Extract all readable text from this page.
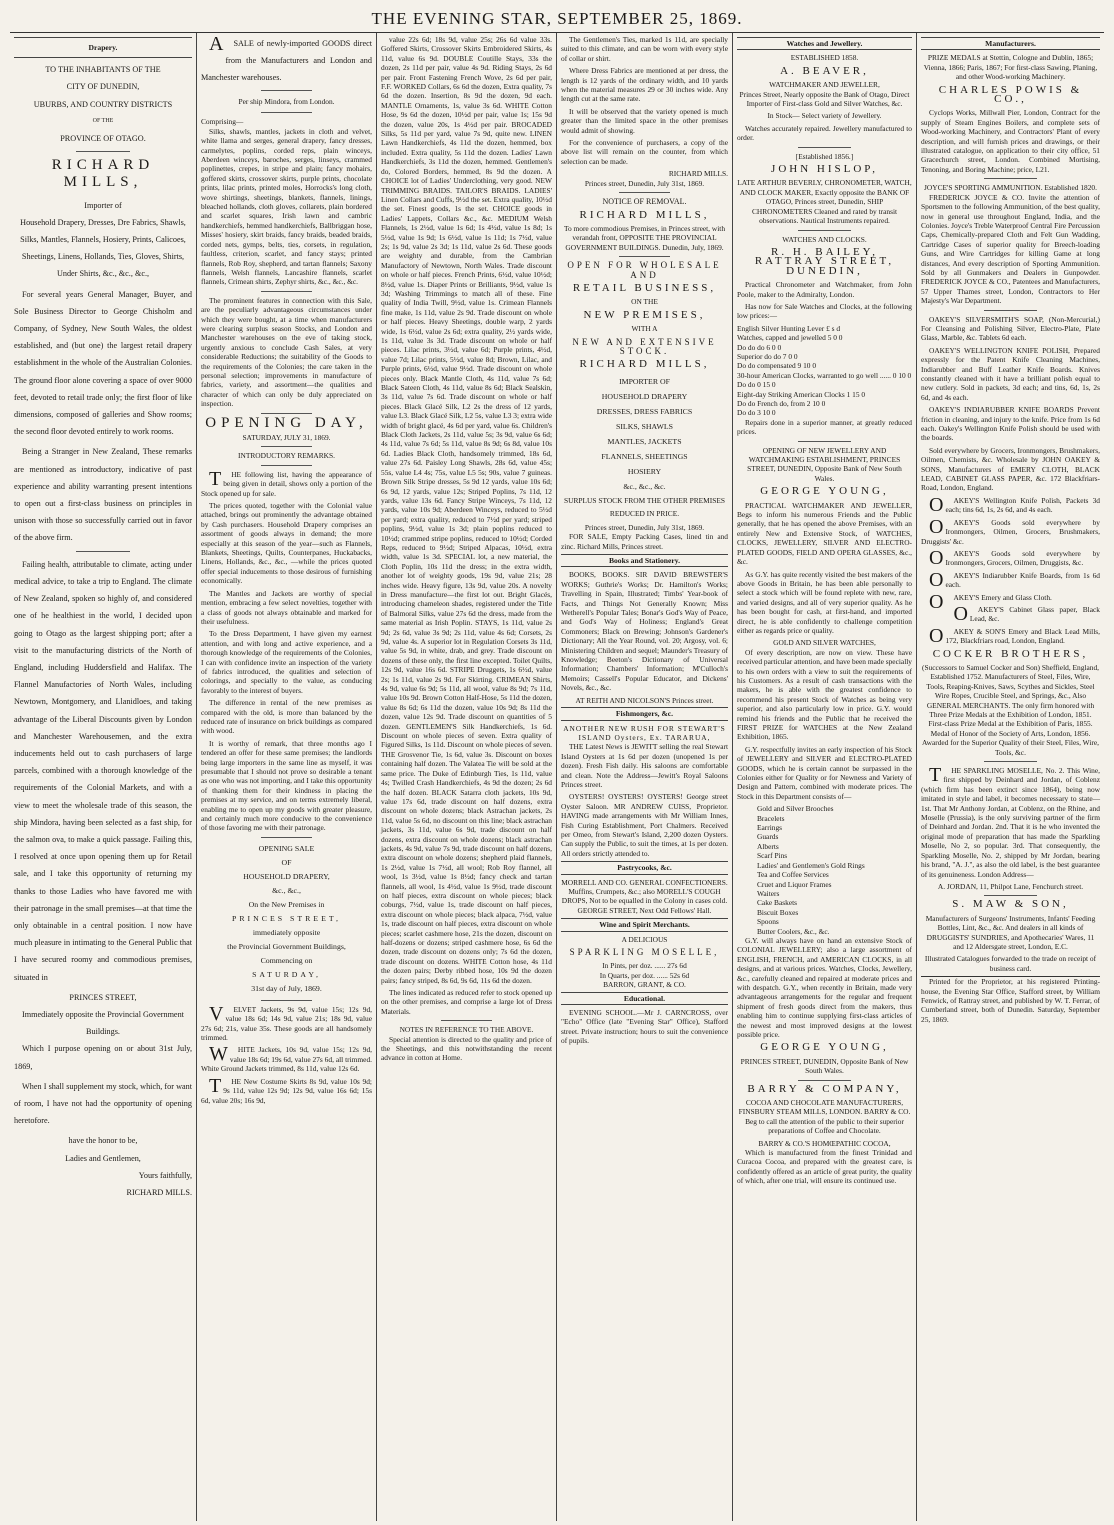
THE EVENING STAR, SEPTEMBER 25, 1869.
Drapery.
TO THE INHABITANTS OF THE
CITY OF DUNEDIN,
UBURBS, AND COUNTRY DISTRICTS
OF THE
PROVINCE OF OTAGO.
RICHARD MILLS,
Importer of

Household Drapery, Dresses, Dre Fabrics, Shawls, Silks, Mantles, Flannels, Hosiery, Prints, Calicoes, Sheetings, Linens, Hollands, Ties, Gloves, Shirts, Under Shirts, &c., &c., &c.,

For several years General Manager, Buyer, and Sole Business Director to George Chisholm and Company, of Sydney, New South Wales, the oldest established, and (but one) the largest retail drapery establishment in the whole of the Australian Colonies. The ground floor alone covering a space of over 9000 feet, devoted to retail trade only; the first floor of like dimensions, composed of galleries and Show rooms; the second floor devoted entirely to work rooms.

Being a Stranger in New Zealand, These remarks are mentioned as introductory, indicative of past experience and ability warranting present intentions to open out a first-class business on principles in unison with those so successfully carried out in favor of the above firm.

Failing health, attributable to climate, acting under medical advice, to take a trip to England. The climate of New Zealand, spoken so highly of, and considered one of he healthiest in the world, I decided upon going to Otago as the largest shipping port; after a visit to the manufacturing districts of the North of England, including Huddersfield and Halifax. The Flannel Manufactories of North Wales, including Newtown, Montgomery, and Llanidloes, and taking advantage of the Liberal Discounts given by London and Manchester Warehousemen, and the extra inducements held out to cash purchasers of large parcels, combined with a thorough knowledge of the requirements of the Colonial Markets, and with a view to meet the wholesale trade of this season, the ship Mindora, having been selected as a fast ship, for the salmon ova, to make a quick passage. Failing this, I resolved at once upon opening them up for Retail sale, and I take this opportunity of returning my thanks to those Ladies who have favored me with their patronage in the small premises—at that time the only obtainable in a central position. I now have much pleasure in intimating to the General Public that I have secured roomy and commodious premises, situated in

PRINCES STREET,
Immediately opposite the Provincial Government Buildings.

Which I purpose opening on or about 31st July, 1869,

When I shall supplement my stock, which, for want of room, I have not had the opportunity of opening heretofore.

have the honor to be,
Ladies and Gentlemen,
Yours faithfully,
RICHARD MILLS.

ASALE of newly-imported GOODS direct from the Manufacturers and London and Manchester warehouses.

Per ship Mindora, from London.
Comprising—

Silks, shawls, mantles, jackets in cloth and velvet, white llama and serges, general drapery, fancy dresses, carmelytes, poplins, corded reps, plain winceys, Aberdeen winceys, baroches, serges, linseys, crammed poplinettes, crepes, in stripe and plain; fancy mohairs, goffered skirts, crossover skirts, purple prints, chocolate prints, lilac prints, printed moles, Horrocks's long cloth, wove shirtings, sheetings, blankets, flannels, linings, bleached hollands, cloth gloves, collarets, plain bordered and scarlet squares, Irish lawn and cambric handkerchiefs, hemmed handkerchiefs, Ballbriggan hose, Misses' hosiery, skirt braids, fancy braids, beaded braids, corded nets, gymps, belts, ties, corsets, in regulation, faultless, criterion, scarlet, and fancy stays; printed flannels, Rob Roy, shepherd, and tartan flannels; Saxony flannels, Welsh flannels, Lancashire flannels, scarlet flannels, Crimean shirts, Zephyr shirts, &c., &c., &c.

The prominent features in connection with this Sale, are the peculiarly advantageous circumstances under which they were bought, at a time when manufacturers were clearing surplus season Stocks, and London and Manchester warehouses on the eve of taking stock, urgently anxious to conclude Cash Sales, at very considerable Reductions; the suitability of the Goods to the requirements of the Colonies; the care taken in the personal selection; improvements in manufacture of fabrics, variety, and assortment—the qualities and character of which can only be duly appreciated on inspection.

OPENING DAY,
SATURDAY, JULY 31, 1869.
INTRODUCTORY REMARKS.

THE following list, having the appearance of being given in detail, shows only a portion of the Stock opened up for sale.

The prices quoted, together with the Colonial value attached, brings out prominently the advantage obtained by Cash purchasers. Household Drapery comprises an assortment of goods always in demand; the more especially at this season of the year—such as Flannels, Blankets, Sheetings, Quilts, Counterpanes, Huckabacks, Linens, Hollands, &c., &c., —while the prices quoted offer special inducements to those desirous of furnishing economically.

The Mantles and Jackets are worthy of special mention, embracing a few select novelties, together with a class of goods not always obtainable and marked for their usefulness.

To the Dress Department, I have given my earnest attention, and with long and active experience, and a thorough knowledge of the requirements of the Colonies, I can with confidence invite an inspection of the variety of fabrics introduced, the qualities and selection of colorings, and specially to the value, as conducing favorably to the interest of buyers.

The difference in rental of the new premises as compared with the old, is more than balanced by the reduced rate of insurance on brick buildings as compared with wood.

It is worthy of remark, that three months ago I tendered an offer for these same premises; the landlords being large importers in the same line as myself, it was presumable that I should not prove so desirable a tenant as one who was not importing, and I take this opportunity of thanking them for their kindness in placing the premises at my service, and on terms extremely liberal, enabling me to open up my goods with greater pleasure, and certainly much more conducive to the convenience of those favoring me with their patronage.

OPENING SALE
OF
HOUSEHOLD DRAPERY,
&c., &c.,
On the New Premises in
PRINCES STREET,
immediately opposite
the Provincial Government Buildings,
Commencing on
SATURDAY,
31st day of July, 1869.

VELVET Jackets, 9s 9d, value 15s; 12s 9d, value 18s 6d; 14s 9d, value 21s; 18s 9d, value 27s 6d; 21s, value 35s. These goods are all handsomely trimmed.

WHITE Jackets, 10s 9d, value 15s; 12s 9d, value 18s 6d; 19s 6d, value 27s 6d, all trimmed. White Ground Jackets trimmed, 8s 11d, value 12s 6d.

THE New Costume Skirts 8s 9d, value 10s 9d; 9s 11d, value 12s 9d; 12s 9d, value 16s 6d; 15s 6d, value 20s; 16s 9d,

value 22s 6d; 18s 9d, value 25s; 26s 6d value 33s. Goffered Skirts, Crossover Skirts Embroidered Skirts, 4s 11d, value 6s 9d. DOUBLE Coutille Stays, 33s the dozen, 2s 11d per pair, value 4s 9d. Riding Stays, 2s 6d per pair. Front Fastening French Wove, 2s 6d per pair, F.F. WORKED Collars, 6s 6d the dozen, Extra quality, 7s 6d the dozen. Insertion, 8s 9d the dozen, 9d each. MANTLE Ornaments, 1s, value 3s 6d. WHITE Cotton Hose, 9s 6d the dozen, 10½d per pair, value 1s; 15s 9d the dozen, value 20s, 1s 4½d per pair. BROCADED Silks, 5s 11d per yard, value 7s 9d, quite new. LINEN Lawn Handkerchiefs, 4s 11d the dozen, hemmed, box included. Extra quality, 5s 11d the dozen. Ladies' Lawn Handkerchiefs, 3s 11d the dozen, hemmed. Gentlemen's do, Colored Borders, hemmed, 8s 9d the dozen. A CHOICE lot of Ladies' Underclothing, very good. NEW TRIMMING BRAIDS. TAILOR'S BRAIDS. LADIES' Linen Collars and Cuffs, 9½d the set. Extra quality, 10½d the set. Finest goods, 1s the set. CHOICE goods in Ladies' Lappets, Collars &c., &c. MEDIUM Welsh Flannels, 1s 2½d, value 1s 6d; 1s 4½d, value 1s 8d; 1s 5½d, value 1s 9d; 1s 6½d, value 1s 11d; 1s 7½d, value 2s; 1s 9d, value 2s 3d; 1s 11d, value 2s 6d. These goods are weighty and durable, from the Cambrian Manufactory of Newtown, North Wales. Trade discount on whole or half pieces. French Prints, 6½d, value 10½d; 8½d, value 1s. Diaper Prints or Brilliants, 9½d, value 1s 3d; Washing Trimmings to match all of these. Fine quality of India Twill, 9½d, value 1s. Crimean Flannels fine make, 1s 11d, value 2s 9d. Trade discount on whole or half pieces. Heavy Sheetings, double warp, 2 yards wide, 1s 6½d, value 2s 6d; extra quality, 2½ yards wide, 1s 11d, value 3s 3d. Trade discount on whole or half pieces. Lilac prints, 3½d, value 6d; Purple prints, 4½d, value 7d; Lilac prints, 5½d, value 8d; Brown, Lilac, and Purple prints, 6½d, value 9½d. Trade discount on whole pieces only. Black Mantle Cloth, 4s 11d, value 7s 6d; Black Sateen Cloth, 4s 11d, value 8s 6d; Black Sealskin, 3s 11d, value 7s 6d. Trade discount on whole or half pieces. Black Glacé Silk, L2 2s the dress of 12 yards, value L3. Black Glacé Silk, L2 5s, value L3 3; extra wide width of bright glacé, 4s 6d per yard, value 6s. Children's Black Cloth Jackets, 2s 11d, value 5s; 3s 9d, value 6s 6d; 4s 11d, value 7s 6d; 5s 11d, value 8s 9d; 6s 8d, value 10s 6d. Ladies Black Cloth, handsomely trimmed, 18s 6d, value 27s 6d. Paisley Long Shawls, 28s 6d, value 45s; 55s, value L4 4s; 75s, value L5 5s; 90s, value 7 guineas. Brown Silk Stripe dresses, 5s 9d 12 yards, value 10s 6d; 6s 9d, 12 yards, value 12s; Striped Poplins, 7s 11d, 12 yards, value 13s 6d. Fancy Stripe Winceys, 7s 11d, 12 yards, value 10s 9d; Aberdeen Winceys, reduced to 5½d per yard; extra quality, reduced to 7½d per yard; striped poplins, 9½d, value 1s 3d; plain poplins reduced to 10½d; crammed stripe poplins, reduced to 10½d; Corded Reps, reduced to 9½d; Striped Alpacas, 10½d, extra width, value 1s 3d. SPECIAL lot, a new material, the Cloth Poplin, 10s 11d the dress; in the extra width, another lot of weighty goods, 19s 9d, value 21s; 28 inches wide. Heavy figure, 13s 9d, value 20s. A novelty in Dress manufacture—the first lot out. Bright Glacés, introducing chameleon shades, registered under the Title of Balmoral Silks, value 27s 6d the dress, made from the same material as Irish Poplin. STAYS, 1s 11d, value 2s 9d; 2s 6d, value 3s 9d; 2s 11d, value 4s 6d; Corsets, 2s 9d, value 4s. A superior lot in Regulation Corsets 3s 11d, value 5s 9d, in white, drab, and grey. Trade discount on dozens of these only, the first line excepted. Toilet Quilts, 12s 9d, value 16s 6d. STRIPE Druggets, 1s 6½d, value 2s; 1s 11d, value 2s 9d. For Skirting. CRIMEAN Shirts, 4s 9d, value 6s 9d; 5s 11d, all wool, value 8s 9d; 7s 11d, value 10s 9d. Brown Cotton Half-Hose, 5s 11d the dozen, value 8s 6d; 6s 11d the dozen, value 10s 9d; 8s 11d the dozen, value 12s 9d. Trade discount on quantities of 5 dozen. GENTLEMEN'S Silk Handkerchiefs, 1s 6d. Discount on whole pieces of seven. Extra quality of Figured Silks, 1s 11d. Discount on whole pieces of seven. THE Grosvenor Tie, 1s 6d, value 3s. Discount on boxes containing half dozen. The Valatea Tie will be sold at the same price. The Duke of Edinburgh Ties, 1s 11d, value 4s; Twilled Crash Handkerchiefs, 4s 9d the dozen; 2s 6d the half dozen. BLACK Satarra cloth jackets, 10s 9d, value 17s 6d, trade discount on half dozens, extra discount on whole dozens; black Astrachan jackets, 2s 11d, value 5s 6d, no discount on this line; black astrachan jackets, 3s 11d, value 6s 9d, trade discount on half dozens, extra discount on whole dozens; black astrachan jackets, 4s 9d, value 7s 9d, trade discount on half dozens, extra discount on whole dozens; shepherd plaid flannels, 1s 2½d, value 1s 7½d, all wool; Rob Roy flannel, all wool, 1s 3½d, value 1s 8½d; fancy check and tartan flannels, all wool, 1s 4½d, value 1s 9½d, trade discount on half pieces, extra discount on whole pieces; black coburgs, 7½d, value 1s, trade discount on half pieces, extra discount on whole pieces; black alpaca, 7½d, value 1s, trade discount on half pieces, extra discount on whole pieces; scarlet cashmere hose, 21s the dozen, discount on half-dozens or dozens; striped cashmere hose, 6s 6d the dozen, trade discount on dozens only; 7s 6d the dozen, trade discount on dozens. WHITE Cotton hose, 4s 11d the dozen pairs; Derby ribbed hose, 10s 9d the dozen pairs; fancy striped, 8s 6d, 9s 6d, 11s 6d the dozen.

The lines indicated as reduced refer to stock opened up on the other premises, and comprise a large lot of Dress Materials.

NOTES IN REFERENCE TO THE ABOVE.

Special attention is directed to the quality and price of the Sheetings, and this notwithstanding the recent advance in cotton at Home.

The Gentlemen's Ties, marked 1s 11d, are specially suited to this climate, and can be worn with every style of collar or shirt.

Where Dress Fabrics are mentioned at per dress, the length is 12 yards of the ordinary width, and 10 yards when the material measures 29 or 30 inches wide. Any length cut at the same rate.

It will be observed that the variety opened is much greater than the limited space in the other premises would admit of showing.

For the convenience of purchasers, a copy of the above list will remain on the counter, from which selection can be made.

RICHARD MILLS.
Princes street, Dunedin, July 31st, 1869.
NOTICE OF REMOVAL.
RICHARD MILLS,

To more commodious Premises, in Princes street, with verandah front, OPPOSITE THE PROVINCIAL GOVERNMENT BUILDINGS. Dunedin, July, 1869.

OPEN FOR WHOLESALE AND
RETAIL BUSINESS,
ON THE
NEW PREMISES,
WITH A
NEW AND EXTENSIVE STOCK.
RICHARD MILLS,
IMPORTER OF
HOUSEHOLD DRAPERY
DRESSES, DRESS FABRICS
SILKS, SHAWLS
MANTLES, JACKETS
FLANNELS, SHEETINGS
HOSIERY
&c., &c., &c.

SURPLUS STOCK FROM THE OTHER PREMISES REDUCED IN PRICE.

Princes street, Dunedin, July 31st, 1869.

FOR SALE, Empty Packing Cases, lined tin and zinc. Richard Mills, Princes street.

Books and Stationery.

BOOKS, BOOKS. SIR DAVID BREWSTER'S WORKS; Guthrie's Works; Dr. Hamilton's Works; Travelling in Spain, Illustrated; Timbs' Year-book of Facts, and Things Not Generally Known; Miss Wetherell's Popular Tales; Bonar's God's Way of Peace, and God's Way of Holiness; England's Great Commoners; Black on Brewing; Johnson's Gardener's Dictionary; All the Year Round, vol. 20; Argosy, vol. 6; Ministering Children and sequel; Maunder's Treasury of Knowledge; Beeton's Dictionary of Universal Information; Chambers' Information; M'Culloch's Memoirs; Cassell's Popular Educator, and Dickens' Novels, &c., &c.

AT REITH AND NICOLSON'S Princes street.
Fishmongers, &c.
ANOTHER NEW RUSH FOR STEWART'S ISLAND Oysters, Ex. TARARUA,

THE Latest News is JEWITT selling the real Stewart Island Oysters at 1s 6d per dozen (unopened 1s per dozen). Fresh Fish daily. His saloons are comfortable and clean. Note the Address—Jewitt's Royal Saloons Princes street.

OYSTERS! OYSTERS! OYSTERS! George street Oyster Saloon. MR ANDREW CUISS, Proprietor. HAVING made arrangements with Mr William Innes, Fish Curing Establishment, Port Chalmers. Received per Omeo, from Stewart's Island, 2,200 dozen Oysters. Can supply the Public, to suit the times, at 1s per dozen. All orders strictly attended to.

Pastrycooks, &c.

MORRELL AND CO. GENERAL CONFECTIONERS. Muffins, Crumpets, &c.; also MORELL'S COUGH DROPS, Not to be equalled in the Colony in cases cold. GEORGE STREET, Next Odd Fellows' Hall.

Wine and Spirit Merchants.
A DELICIOUS
SPARKLING MOSELLE,
In Pints, per doz. ...... 27s 6d
In Quarts, per doz. ...... 52s 6d
BARRON, GRANT, & CO.
Educational.

EVENING SCHOOL.—Mr J. CARNCROSS, over "Echo" Office (late "Evening Star" Office), Stafford street. Private instruction; hours to suit the convenience of pupils.

Watches and Jewellery.
ESTABLISHED 1858.
A. BEAVER,
WATCHMAKER AND JEWELLER,

Princes Street, Nearly opposite the Bank of Otago, Direct Importer of First-class Gold and Silver Watches, &c.

In Stock— Select variety of Jewellery.

Watches accurately repaired. Jewellery manufactured to order.

[Established 1856.]
JOHN HISLOP,

LATE ARTHUR BEVERLY, CHRONOMETER, WATCH, AND CLOCK MAKER, Exactly opposite the BANK OF OTAGO, Princes street, Dunedin, SHIP CHRONOMETERS Cleaned and rated by transit observations. Nautical Instruments repaired.

WATCHES AND CLOCKS.
R. H. BAILEY, RATTRAY STREET, DUNEDIN,

Practical Chronometer and Watchmaker, from John Poole, maker to the Admiralty, London.

Has now for Sale Watches and Clocks, at the following low prices:—

English Silver Hunting Lever £ s d
Watches, capped and jewelled 5 0 0
Do do do 6 0 0
Superior do do 7 0 0
Do do compensated 9 10 0
30-hour American Clocks, warranted to go well ...... 0 10 0
Do do 0 15 0
Eight-day Striking American Clocks 1 15 0
Do do French do, from 2 10 0
Do do 3 10 0

Repairs done in a superior manner, at greatly reduced prices.

OPENING OF NEW JEWELLERY AND WATCHMAKING ESTABLISHMENT, PRINCES STREET, DUNEDIN, Opposite Bank of New South Wales.

GEORGE YOUNG,

PRACTICAL WATCHMAKER AND JEWELLER, Begs to inform his numerous Friends and the Public generally, that he has opened the above Premises, with an entirely New and Extensive Stock, of WATCHES, CLOCKS, JEWELLERY, SILVER AND ELECTRO-PLATED GOODS, FIELD AND OPERA GLASSES, &c., &c.

As G.Y. has quite recently visited the best makers of the above Goods in Britain, he has been able personally to select a stock which will be found replete with new, rare, and varied designs, and all of very superior quality. As he has been bought for cash, at first-hand, and imported direct, he is able confidently to challenge competition either as regards price or quality.

GOLD AND SILVER WATCHES,

Of every description, are now on view. These have received particular attention, and have been made specially to his own orders with a view to suit the requirements of his Customers. As a result of cash transactions with the makers, he is able with the greatest confidence to recommend his present Stock of Watches as being very superior, and also particularly low in price. G.Y. would remind his friends and the Public that he received the FIRST PRIZE for WATCHES at the New Zealand Exhibition, 1865.

G.Y. respectfully invites an early inspection of his Stock of JEWELLERY and SILVER and ELECTRO-PLATED GOODS, which he is certain cannot be surpassed in the Colonies either for Quality or for Newness and Variety of Design and Pattern, combined with moderate prices. The Stock in this Department consists of—

Gold and Silver Brooches
Bracelets
Earrings
Guards
Alberts
Scarf Pins
Ladies' and Gentlemen's Gold Rings
Tea and Coffee Services
Cruet and Liquor Frames
Waiters
Cake Baskets
Biscuit Boxes
Spoons
Butter Coolers, &c., &c.

G.Y. will always have on hand an extensive Stock of COLONIAL JEWELLERY; also a large assortment of ENGLISH, FRENCH, and AMERICAN CLOCKS, in all designs, and at various prices. Watches, Clocks, Jewellery, &c., carefully cleaned and repaired at moderate prices and with despatch. G.Y., when recently in Britain, made very advantageous arrangements for the regular and frequent shipment of fresh goods direct from the makers, thus enabling him to continue supplying first-class articles of the newest and most improved designs at the lowest possible price.

GEORGE YOUNG,

PRINCES STREET, DUNEDIN, Opposite Bank of New South Wales.

BARRY & COMPANY,

COCOA AND CHOCOLATE MANUFACTURERS, FINSBURY STEAM MILLS, LONDON. BARRY & CO. Beg to call the attention of the public to their superior preparations of Coffee and Chocolate.

BARRY & CO.'S HOMŒPATHIC COCOA,

Which is manufactured from the finest Trinidad and Curacoa Cocoa, and prepared with the greatest care, is confidently offered as an article of great purity, the quality of which, after one trial, will ensure its continued use.

Manufacturers.

PRIZE MEDALS at Stettin, Cologne and Dublin, 1865; Vienna, 1866; Paris, 1867; For first-class Sawing, Planing, and other Wood-working Machinery.

CHARLES POWIS & CO.,

Cyclops Works, Millwall Pier, London, Contract for the supply of Steam Engines Boilers, and complete sets of Wood-working Machinery, and Contractors' Plant of every description, and will furnish prices and drawings, or their illustrated catalogue, on application to their city office, 51 Gracechurch street, London. Combined Mortising, Tenoning, and Boring Machine; price, L21.

JOYCE'S SPORTING AMMUNITION. Established 1820.

FREDERICK JOYCE & CO. Invite the attention of Sportsmen to the following Ammunition, of the best quality, now in general use throughout England, India, and the Colonies. Joyce's Treble Waterproof Central Fire Percussion Caps, Chemically-prepared Cloth and Felt Gun Wadding, Cartridge Cases of superior quality for Breech-loading Guns, and Wire Cartridges for killing Game at long distances, And every description of Sporting Ammunition. Sold by all Gunmakers and Dealers in Gunpowder. FREDERICK JOYCE & CO., Patentees and Manufacturers, 57 Upper Thames street, London, Contractors to Her Majesty's War Department.

OAKEY'S SILVERSMITH'S SOAP, (Non-Mercurial,) For Cleansing and Polishing Silver, Electro-Plate, Plate Glass, Marble, &c. Tablets 6d each.

OAKEY'S WELLINGTON KNIFE POLISH, Prepared expressly for the Patent Knife Cleaning Machines, Indiarubber and Buff Leather Knife Boards. Knives constantly cleaned with it have a brilliant polish equal to new cutlery. Sold in packets, 3d each; and tins, 6d, 1s, 2s 6d, and 4s each.

OAKEY'S INDIARUBBER KNIFE BOARDS Prevent friction in cleaning, and injury to the knife. Price from 1s 6d each. Oakey's Wellington Knife Polish should be used with the boards.

Sold everywhere by Grocers, Ironmongers, Brushmakers, Oilmen, Chemists, &c. Wholesale by JOHN OAKEY & SONS, Manufacturers of EMERY CLOTH, BLACK LEAD, CABINET GLASS PAPER, &c. 172 Blackfriars-Road, London, England.

OAKEY'S Wellington Knife Polish, Packets 3d each; tins 6d, 1s, 2s 6d, and 4s each.

OAKEY'S Goods sold everywhere by Ironmongers, Oilmen, Grocers, Brushmakers, Druggists' &c.

OAKEY'S Goods sold everywhere by Ironmongers, Grocers, Oilmen, Druggists, &c.

OAKEY'S Indiarubber Knife Boards, from 1s 6d each.

OAKEY'S Emery and Glass Cloth.

OAKEY'S Cabinet Glass paper, Black Lead, &c.

OAKEY & SON'S Emery and Black Lead Mills, 172, Blackfriars road, London, England.

COCKER BROTHERS,

(Successors to Samuel Cocker and Son) Sheffield, England, Established 1752. Manufacturers of Steel, Files, Wire, Tools, Reaping-Knives, Saws, Scythes and Sickles, Steel Wire Ropes, Crucible Steel, and Springs, &c., Also GENERAL MERCHANTS. The only firm honored with Three Prize Medals at the Exhibition of London, 1851. First-class Prize Medal at the Exhibition of Paris, 1855. Medal of Honor of the Society of Arts, London, 1856. Awarded for the Superior Quality of their Steel, Files, Wire, Tools, &c.

THE SPARKLING MOSELLE, No. 2. This Wine, first shipped by Deinhard and Jordan, of Coblenz (which firm has been extinct since 1864), being now imitated in style and label, it becomes necessary to state— 1st. That Mr Anthony Jordan, at Coblenz, on the Rhine, and Moselle (Prussia), is the only surviving partner of the firm of Deinhard and Jordan. 2nd. That it is he who invented the original mode of preparation that has made the Sparkling Moselle, No 2, so popular. 3rd. That consequently, the Sparkling Moselle, No. 2, shipped by Mr Jordan, bearing his brand, "A. J.", as also the old label, is the best guarantee of its genuineness. London Address—

A. JORDAN, 11, Philpot Lane, Fenchurch street.
S. MAW & SON,

Manufacturers of Surgeons' Instruments, Infants' Feeding Bottles, Lint, &c., &c. And dealers in all kinds of DRUGGISTS' SUNDRIES, and Apothecaries' Wares, 11 and 12 Aldersgate street, London, E.C.

Illustrated Catalogues forwarded to the trade on receipt of business card.

Printed for the Proprietor, at his registered Printing-house, the Evening Star Office, Stafford street, by William Fenwick, of Rattray street, and published by W. T. Ferrar, of Cumberland street, both of Dunedin. Saturday, September 25, 1869.
